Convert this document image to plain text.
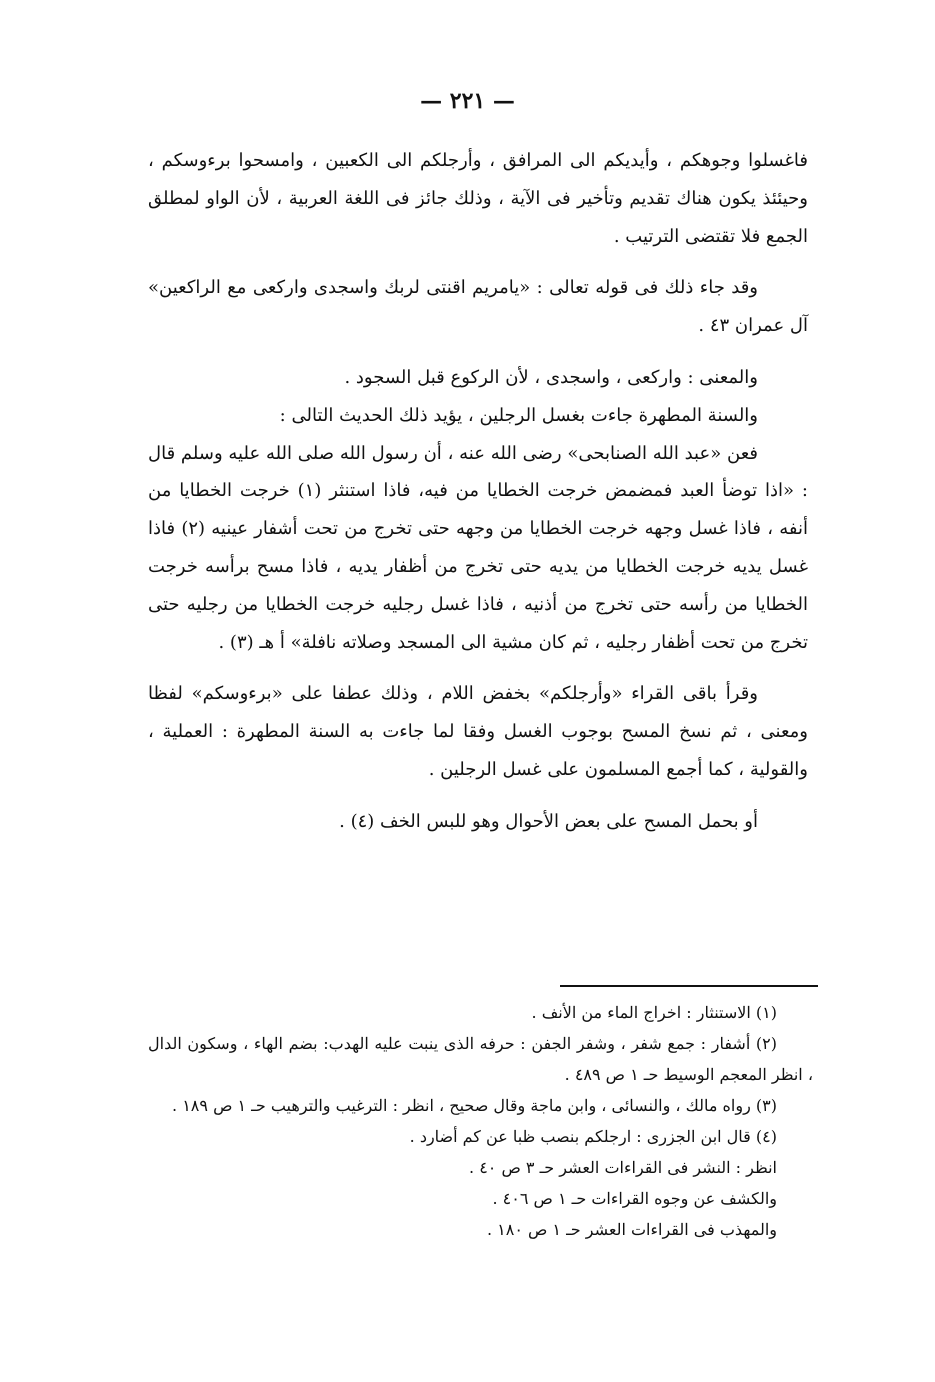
— ٢٢١ —

فاغسلوا وجوهكم ، وأيديكم الى المرافق ، وأرجلكم الى الكعبين ، وامسحوا برءوسكم ، وحيئئذ يكون هناك تقديم وتأخير فى الآية ، وذلك جائز فى اللغة العربية ، لأن الواو لمطلق الجمع فلا تقتضى الترتيب .

وقد جاء ذلك فى قوله تعالى : «يامريم اقنتى لربك واسجدى واركعى مع الراكعين» آل عمران ٤٣ .

والمعنى : واركعى ، واسجدى ، لأن الركوع قبل السجود .

والسنة المطهرة جاءت بغسل الرجلين ، يؤيد ذلك الحديث التالى :

فعن «عبد الله الصنابحى» رضى الله عنه ، أن رسول الله صلى الله عليه وسلم قال : «اذا توضأ العبد فمضمض خرجت الخطايا من فيه، فاذا استنثر (١) خرجت الخطايا من أنفه ، فاذا غسل وجهه خرجت الخطايا من وجهه حتى تخرج من تحت أشفار عينيه (٢) فاذا غسل يديه خرجت الخطايا من يديه حتى تخرج من أظفار يديه ، فاذا مسح برأسه خرجت الخطايا من رأسه حتى تخرج من أذنيه ، فاذا غسل رجليه خرجت الخطايا من رجليه حتى تخرج من تحت أظفار رجليه ، ثم كان مشية الى المسجد وصلاته نافلة» أ هـ (٣) .

وقرأ باقى القراء «وأرجلكم» بخفض اللام ، وذلك عطفا على «برءوسكم» لفظا ومعنى ، ثم نسخ المسح بوجوب الغسل وفقا لما جاءت به السنة المطهرة : العملية ، والقولية ، كما أجمع المسلمون على غسل الرجلين .

أو بحمل المسح على بعض الأحوال وهو للبس الخف (٤) .

(١) الاستنثار : اخراج الماء من الأنف .

(٢) أشفار : جمع شفر ، وشفر الجفن : حرفه الذى ينبت عليه الهدب: بضم الهاء ، وسكون الدال ، انظر المعجم الوسيط حـ ١ ص ٤٨٩ .

(٣) رواه مالك ، والنسائى ، وابن ماجة وقال صحيح ، انظر : الترغيب والترهيب حـ ١ ص ١٨٩ .

(٤) قال ابن الجزرى : ارجلكم بنصب ظبا عن كم أضارد .

انظر : النشر فى القراءات العشر حـ ٣ ص ٤٠ .

والكشف عن وجوه القراءات حـ ١ ص ٤٠٦ .

والمهذب فى القراءات العشر حـ ١ ص ١٨٠ .
